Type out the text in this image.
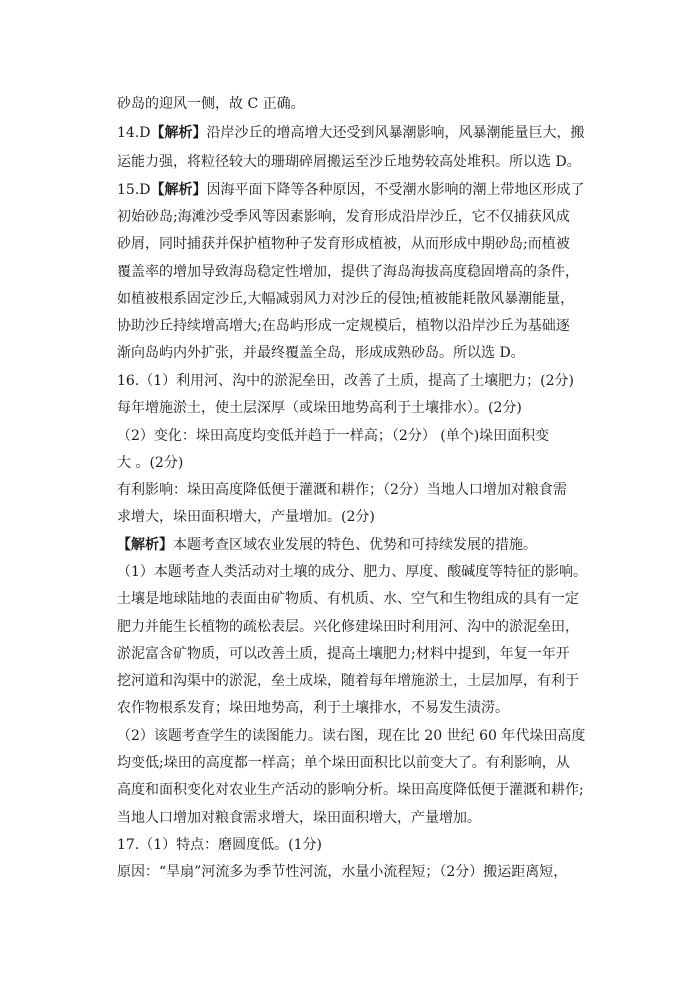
砂岛的迎风一侧，故 C 正确。
14.D【解析】沿岸沙丘的增高增大还受到风暴潮影响，风暴潮能量巨大，搬
运能力强，将粒径较大的珊瑚碎屑搬运至沙丘地势较高处堆积。所以选 D。
15.D【解析】因海平面下降等各种原因，不受潮水影响的潮上带地区形成了
初始砂岛;海滩沙受季风等因素影响，发育形成沿岸沙丘，它不仅捕获风成
砂屑，同时捕获并保护植物种子发育形成植被，从而形成中期砂岛;而植被
覆盖率的增加导致海岛稳定性增加，提供了海岛海拔高度稳固增高的条件，
如植被根系固定沙丘,大幅减弱风力对沙丘的侵蚀;植被能耗散风暴潮能量，
协助沙丘持续增高增大;在岛屿形成一定规模后，植物以沿岸沙丘为基础逐
渐向岛屿内外扩张，并最终覆盖全岛，形成成熟砂岛。所以选 D。
16.（1）利用河、沟中的淤泥垒田，改善了土质，提高了土壤肥力；(2分)
每年增施淤土，使土层深厚（或垛田地势高利于土壤排水）。(2分)
（2）变化：垛田高度均变低并趋于一样高；（2分） (单个)垛田面积变
大 。(2分)
有利影响：垛田高度降低便于灌溉和耕作；（2分）当地人口增加对粮食需
求增大，垛田面积增大，产量增加。(2分)
【解析】本题考查区域农业发展的特色、优势和可持续发展的措施。
（1）本题考查人类活动对土壤的成分、肥力、厚度、酸碱度等特征的影响。
土壤是地球陆地的表面由矿物质、有机质、水、空气和生物组成的具有一定
肥力并能生长植物的疏松表层。兴化修建垛田时利用河、沟中的淤泥垒田，
淤泥富含矿物质，可以改善土质，提高土壤肥力;材料中提到，年复一年开
挖河道和沟渠中的淤泥，垒土成垛，随着每年增施淤土，土层加厚，有利于
农作物根系发育；垛田地势高，利于土壤排水，不易发生渍涝。
（2）该题考查学生的读图能力。读右图，现在比 20 世纪 60 年代垛田高度
均变低;垛田的高度都一样高；单个垛田面积比以前变大了。有利影响，从
高度和面积变化对农业生产活动的影响分析。垛田高度降低便于灌溉和耕作;
当地人口增加对粮食需求增大，垛田面积增大，产量增加。
17.（1）特点：磨圆度低。(1分)
原因：“旱扇”河流多为季节性河流，水量小流程短；（2分）搬运距离短，
